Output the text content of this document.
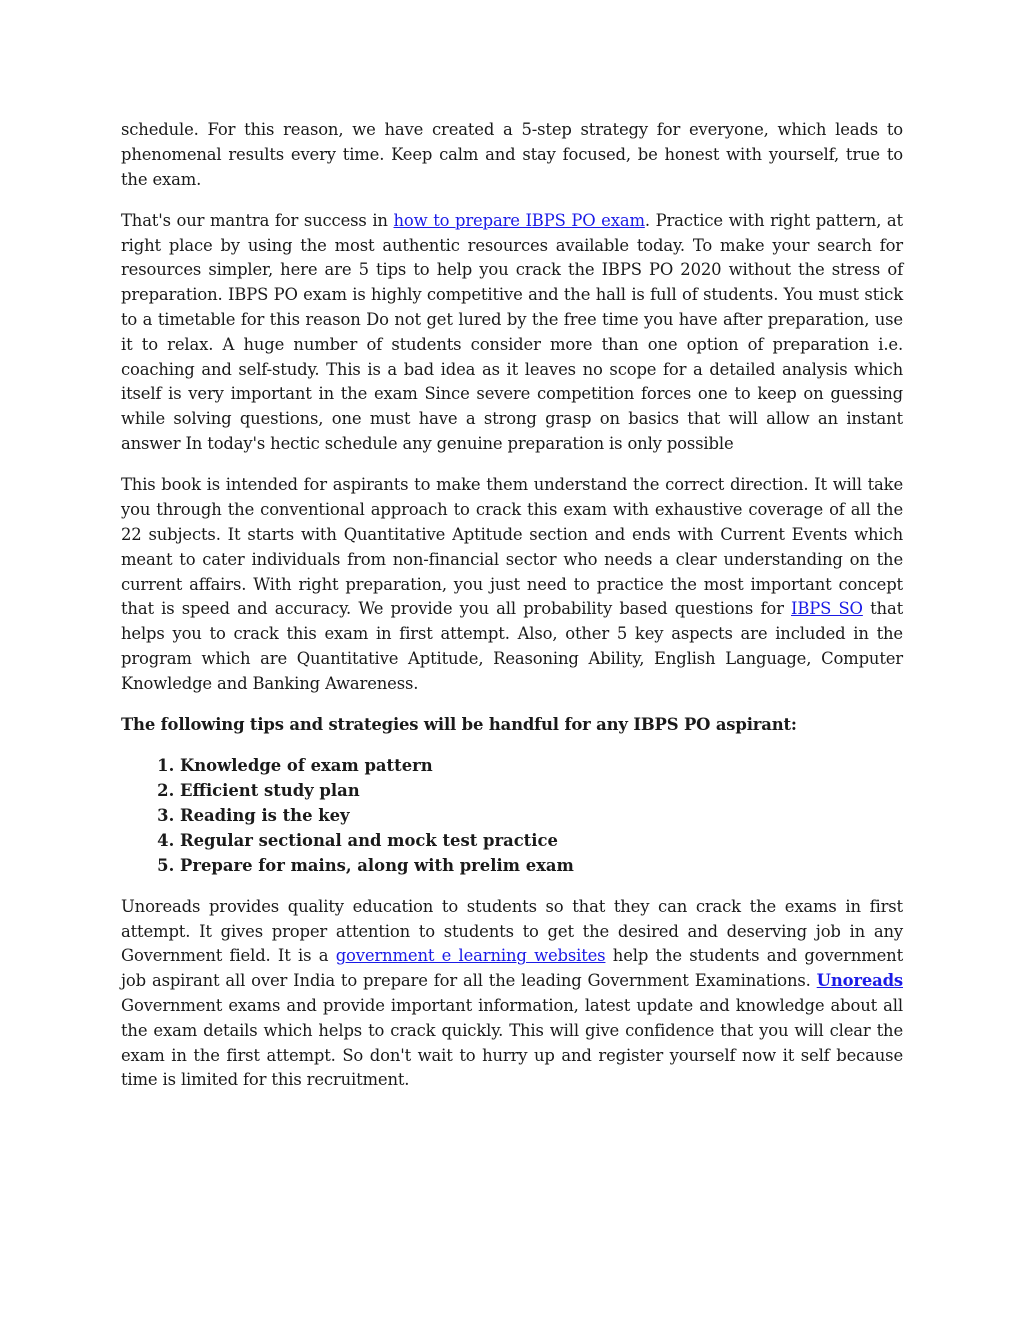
schedule. For this reason, we have created a 5-step strategy for everyone, which leads to phenomenal results every time. Keep calm and stay focused, be honest with yourself, true to the exam.

That's our mantra for success in how to prepare IBPS PO exam. Practice with right pattern, at right place by using the most authentic resources available today. To make your search for resources simpler, here are 5 tips to help you crack the IBPS PO 2020 without the stress of preparation. IBPS PO exam is highly competitive and the hall is full of students. You must stick to a timetable for this reason Do not get lured by the free time you have after preparation, use it to relax. A huge number of students consider more than one option of preparation i.e. coaching and self-study. This is a bad idea as it leaves no scope for a detailed analysis which itself is very important in the exam Since severe competition forces one to keep on guessing while solving questions, one must have a strong grasp on basics that will allow an instant answer In today's hectic schedule any genuine preparation is only possible

This book is intended for aspirants to make them understand the correct direction. It will take you through the conventional approach to crack this exam with exhaustive coverage of all the 22 subjects. It starts with Quantitative Aptitude section and ends with Current Events which meant to cater individuals from non-financial sector who needs a clear understanding on the current affairs. With right preparation, you just need to practice the most important concept that is speed and accuracy. We provide you all probability based questions for IBPS SO that helps you to crack this exam in first attempt. Also, other 5 key aspects are included in the program which are Quantitative Aptitude, Reasoning Ability, English Language, Computer Knowledge and Banking Awareness.

The following tips and strategies will be handful for any IBPS PO aspirant:

1. Knowledge of exam pattern
2. Efficient study plan
3. Reading is the key
4. Regular sectional and mock test practice
5. Prepare for mains, along with prelim exam

Unoreads provides quality education to students so that they can crack the exams in first attempt. It gives proper attention to students to get the desired and deserving job in any Government field. It is a government e learning websites help the students and government job aspirant all over India to prepare for all the leading Government Examinations. Unoreads Government exams and provide important information, latest update and knowledge about all the exam details which helps to crack quickly. This will give confidence that you will clear the exam in the first attempt. So don't wait to hurry up and register yourself now it self because time is limited for this recruitment.
